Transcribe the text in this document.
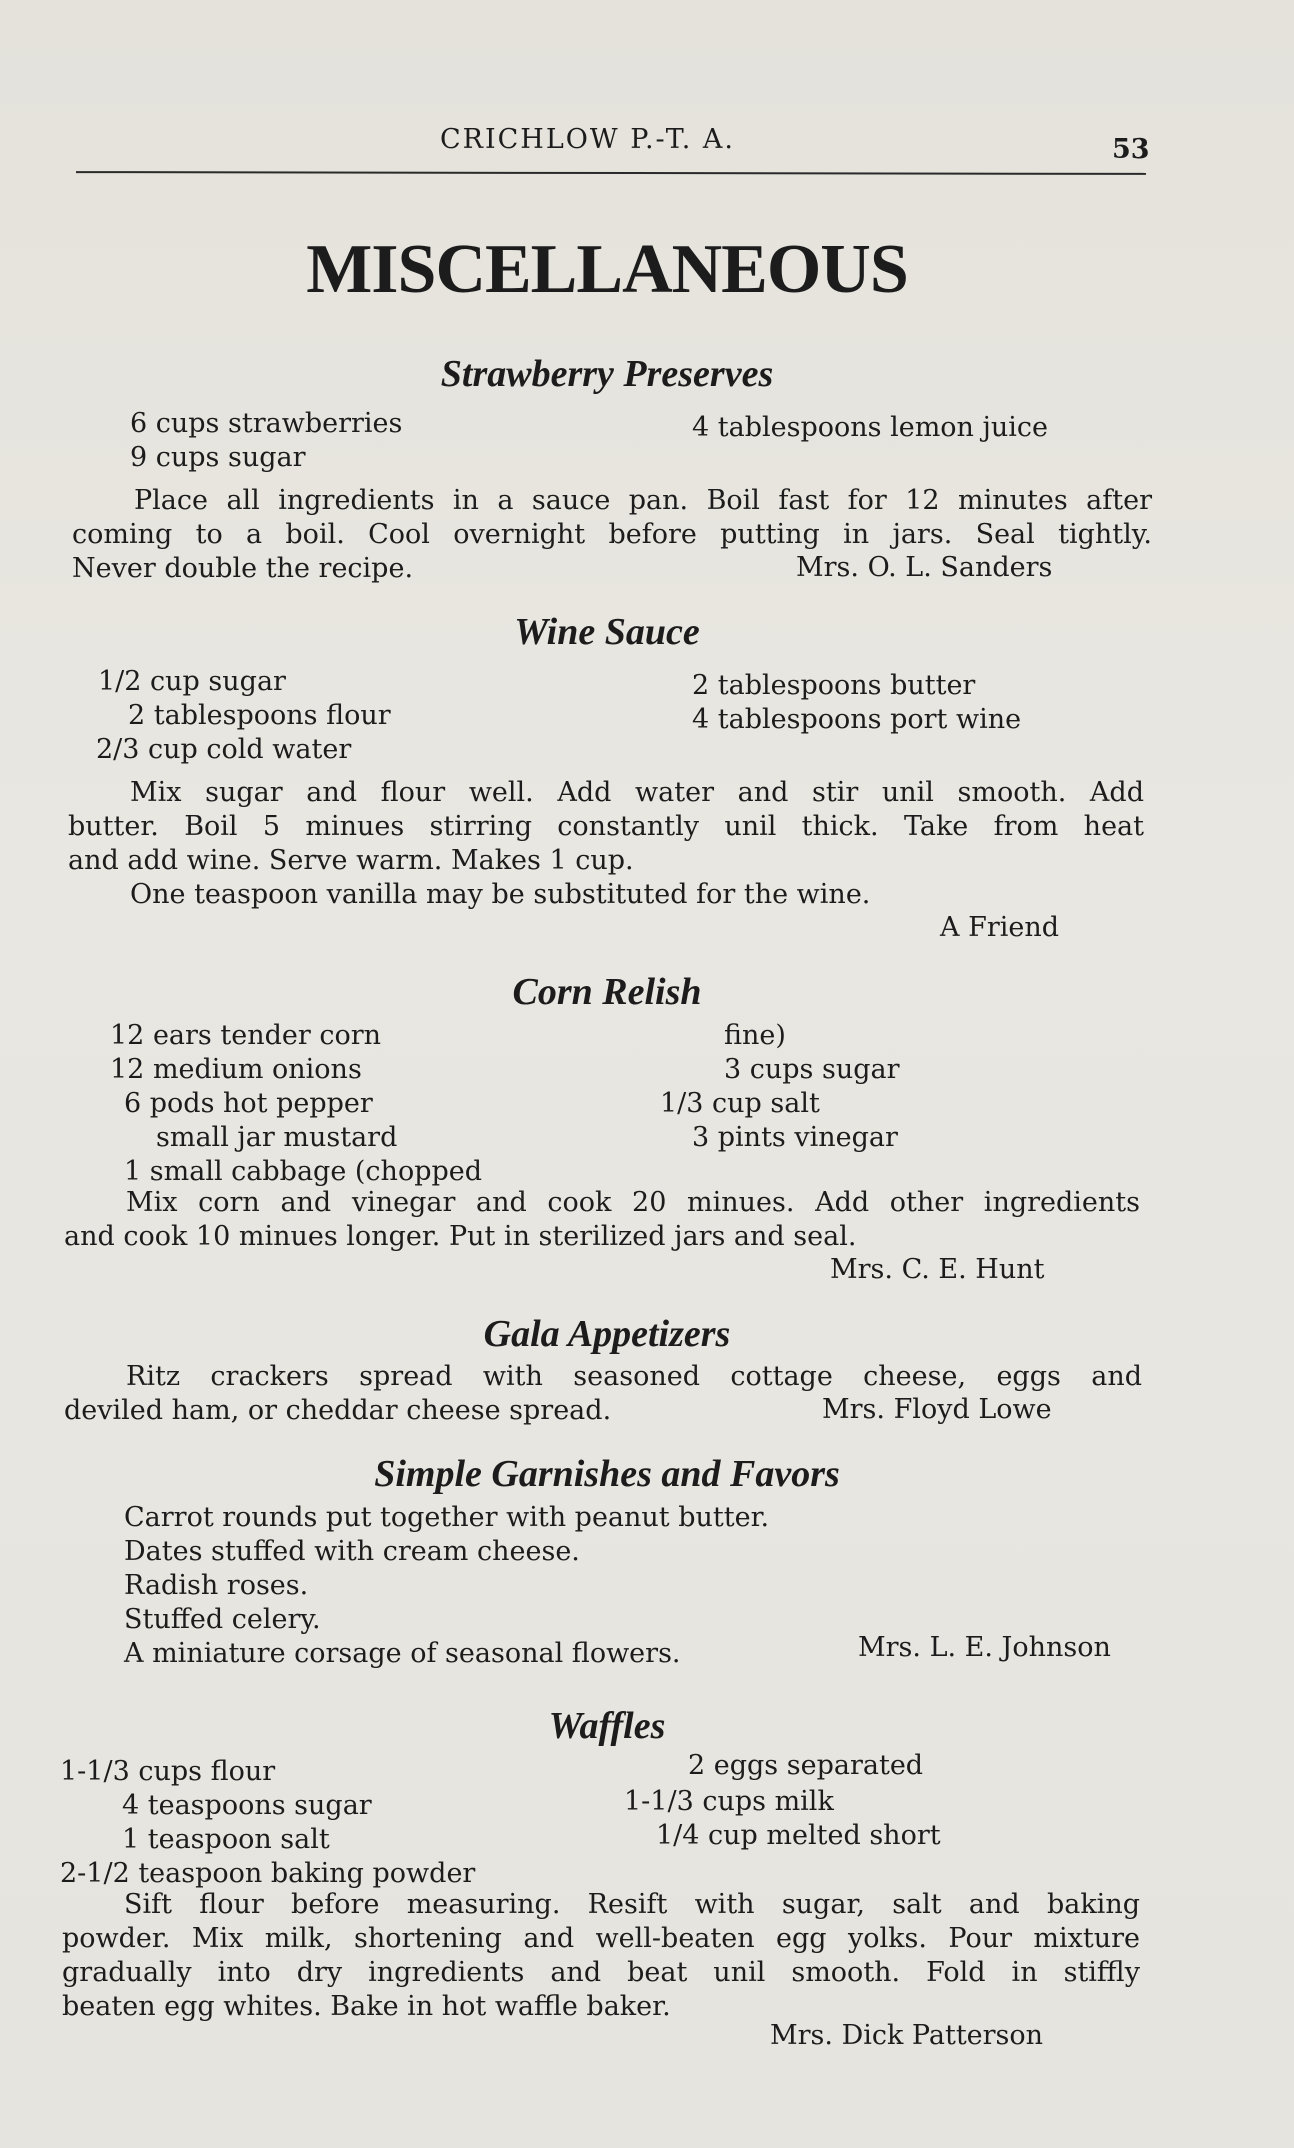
CRICHLOW P.-T. A.	53
MISCELLANEOUS
Strawberry Preserves
6 cups strawberries
9 cups sugar
4 tablespoons lemon juice
Place all ingredients in a sauce pan. Boil fast for 12 minutes after
coming to a boil. Cool overnight before putting in jars. Seal tightly.
Never double the recipe.	Mrs. O. L. Sanders
Wine Sauce
1/2 cup sugar
2 tablespoons flour
2/3 cup cold water
2 tablespoons butter
4 tablespoons port wine
Mix sugar and flour well. Add water and stir unil smooth. Add
butter. Boil 5 minues stirring constantly unil thick. Take from heat
and add wine. Serve warm. Makes 1 cup.
One teaspoon vanilla may be substituted for the wine.
A Friend
Corn Relish
12 ears tender corn
12 medium onions
6 pods hot pepper
small jar mustard
1 small cabbage (chopped
fine)
3 cups sugar
1/3 cup salt
3 pints vinegar
Mix corn and vinegar and cook 20 minues. Add other ingredients
and cook 10 minues longer. Put in sterilized jars and seal.
Mrs. C. E. Hunt
Gala Appetizers
Ritz crackers spread with seasoned cottage cheese, eggs and
deviled ham, or cheddar cheese spread.	Mrs. Floyd Lowe
Simple Garnishes and Favors
Carrot rounds put together with peanut butter.
Dates stuffed with cream cheese.
Radish roses.
Stuffed celery.
A miniature corsage of seasonal flowers.	Mrs. L. E. Johnson
Waffles
1-1/3 cups flour
4 teaspoons sugar
1 teaspoon salt
2-1/2 teaspoon baking powder
2 eggs separated
1-1/3 cups milk
1/4 cup melted short
Sift flour before measuring. Resift with sugar, salt and baking
powder. Mix milk, shortening and well-beaten egg yolks. Pour mixture
gradually into dry ingredients and beat unil smooth. Fold in stiffly
beaten egg whites. Bake in hot waffle baker.
Mrs. Dick Patterson
